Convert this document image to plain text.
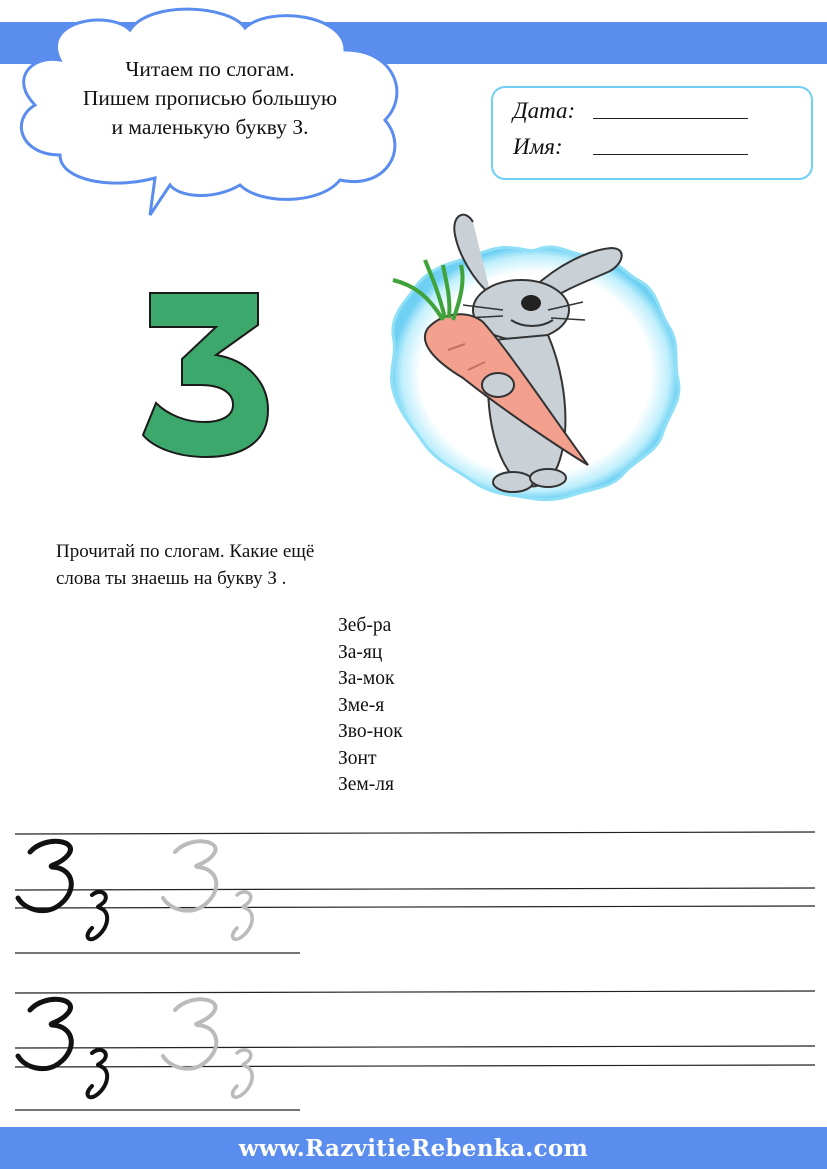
Читаем по слогам.
Пишем прописью большую
и маленькую букву З.
Дата:
Имя:
Прочитай по слогам. Какие ещё
слова ты знаешь на букву З .
Зеб-ра
За-яц
За-мок
Зме-я
Зво-нок
Зонт
Зем-ля
www.RazvitieRebenka.com
